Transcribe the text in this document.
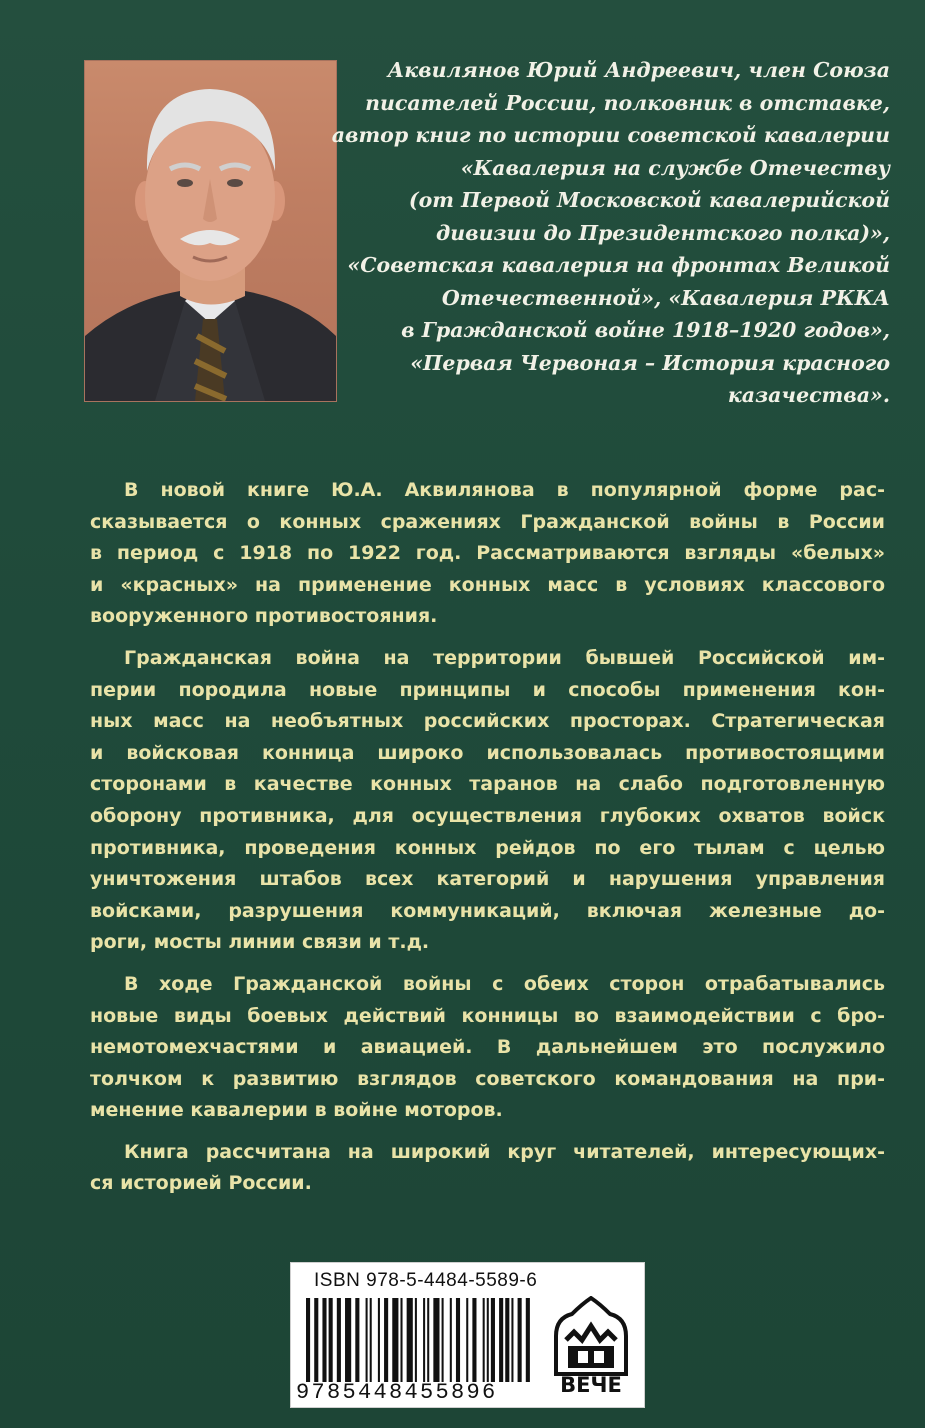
Аквилянов Юрий Андреевич, член Союза
писателей России, полковник в отставке,
автор книг по истории советской кавалерии
«Кавалерия на службе Отечеству
(от Первой Московской кавалерийской
дивизии до Президентского полка)»,
«Советская кавалерия на фронтах Великой
Отечественной», «Кавалерия РККА
в Гражданской войне 1918–1920 годов»,
«Первая Червоная – История красного
казачества».

В новой книге Ю.А. Аквилянова в популярной форме рас-
сказывается о конных сражениях Гражданской войны в России
в период с 1918 по 1922 год. Рассматриваются взгляды «белых»
и «красных» на применение конных масс в условиях классового
вооруженного противостояния.

Гражданская война на территории бывшей Российской им-
перии породила новые принципы и способы применения кон-
ных масс на необъятных российских просторах. Стратегическая
и войсковая конница широко использовалась противостоящими
сторонами в качестве конных таранов на слабо подготовленную
оборону противника, для осуществления глубоких охватов войск
противника, проведения конных рейдов по его тылам с целью
уничтожения штабов всех категорий и нарушения управления
войсками, разрушения коммуникаций, включая железные до-
роги, мосты линии связи и т.д.

В ходе Гражданской войны с обеих сторон отрабатывались
новые виды боевых действий конницы во взаимодействии с бро-
немотомехчастями и авиацией. В дальнейшем это послужило
толчком к развитию взглядов советского командования на при-
менение кавалерии в войне моторов.

Книга рассчитана на широкий круг читателей, интересующих-
ся историей России.

ISBN 978-5-4484-5589-6
9785448455896	ВЕЧЕ
